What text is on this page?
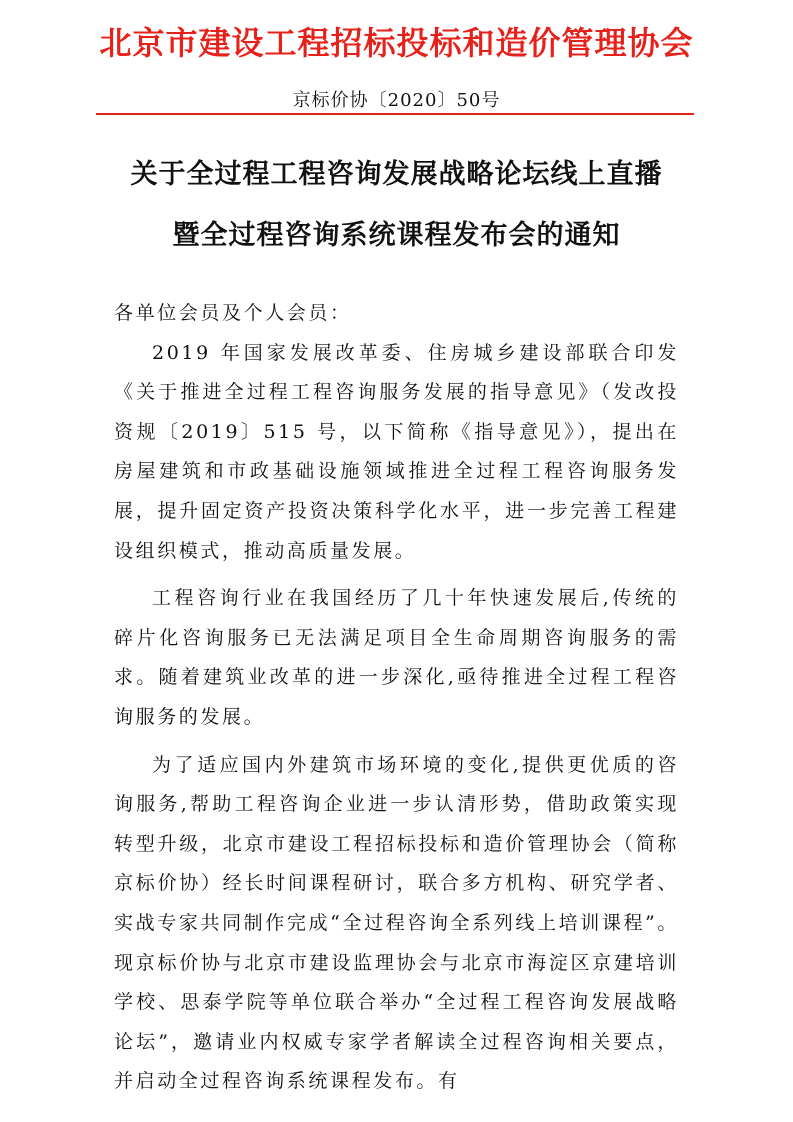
北京市建设工程招标投标和造价管理协会
京标价协〔2020〕50号
关于全过程工程咨询发展战略论坛线上直播
暨全过程咨询系统课程发布会的通知

各单位会员及个人会员：

2019 年国家发展改革委、住房城乡建设部联合印发《关于推进全过程工程咨询服务发展的指导意见》（发改投资规〔2019〕515 号，以下简称《指导意见》），提出在房屋建筑和市政基础设施领域推进全过程工程咨询服务发展，提升固定资产投资决策科学化水平，进一步完善工程建设组织模式，推动高质量发展。

工程咨询行业在我国经历了几十年快速发展后,传统的碎片化咨询服务已无法满足项目全生命周期咨询服务的需求。随着建筑业改革的进一步深化,亟待推进全过程工程咨询服务的发展。

为了适应国内外建筑市场环境的变化,提供更优质的咨询服务,帮助工程咨询企业进一步认清形势，借助政策实现转型升级，北京市建设工程招标投标和造价管理协会（简称京标价协）经长时间课程研讨，联合多方机构、研究学者、实战专家共同制作完成“全过程咨询全系列线上培训课程”。现京标价协与北京市建设监理协会与北京市海淀区京建培训学校、思泰学院等单位联合举办“全过程工程咨询发展战略论坛”，邀请业内权威专家学者解读全过程咨询相关要点，并启动全过程咨询系统课程发布。有
